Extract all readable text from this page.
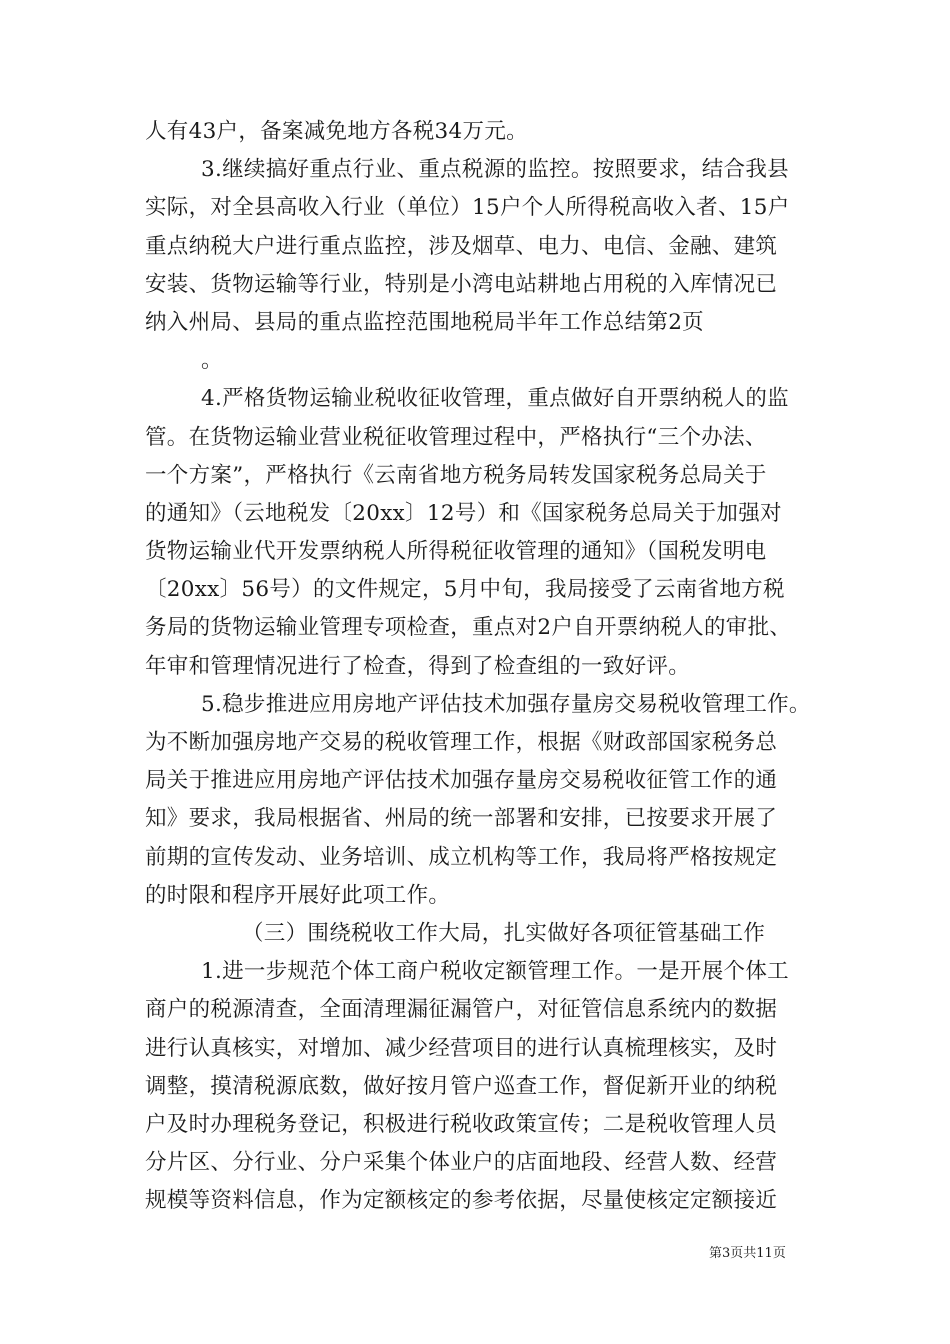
人有43户，备案减免地方各税34万元。
3.继续搞好重点行业、重点税源的监控。按照要求，结合我县
实际，对全县高收入行业（单位）15户个人所得税高收入者、15户
重点纳税大户进行重点监控，涉及烟草、电力、电信、金融、建筑
安装、货物运输等行业，特别是小湾电站耕地占用税的入库情况已
纳入州局、县局的重点监控范围地税局半年工作总结第2页
。
4.严格货物运输业税收征收管理，重点做好自开票纳税人的监
管。在货物运输业营业税征收管理过程中，严格执行“三个办法、
一个方案”，严格执行《云南省地方税务局转发国家税务总局关于
的通知》（云地税发〔20xx〕12号）和《国家税务总局关于加强对
货物运输业代开发票纳税人所得税征收管理的通知》（国税发明电
〔20xx〕56号）的文件规定，5月中旬，我局接受了云南省地方税
务局的货物运输业管理专项检查，重点对2户自开票纳税人的审批、
年审和管理情况进行了检查，得到了检查组的一致好评。
5.稳步推进应用房地产评估技术加强存量房交易税收管理工作。
为不断加强房地产交易的税收管理工作，根据《财政部国家税务总
局关于推进应用房地产评估技术加强存量房交易税收征管工作的通
知》要求，我局根据省、州局的统一部署和安排，已按要求开展了
前期的宣传发动、业务培训、成立机构等工作，我局将严格按规定
的时限和程序开展好此项工作。
（三）围绕税收工作大局，扎实做好各项征管基础工作
1.进一步规范个体工商户税收定额管理工作。一是开展个体工
商户的税源清查，全面清理漏征漏管户，对征管信息系统内的数据
进行认真核实，对增加、减少经营项目的进行认真梳理核实，及时
调整，摸清税源底数，做好按月管户巡查工作，督促新开业的纳税
户及时办理税务登记，积极进行税收政策宣传；二是税收管理人员
分片区、分行业、分户采集个体业户的店面地段、经营人数、经营
规模等资料信息，作为定额核定的参考依据，尽量使核定定额接近
第3页共11页
